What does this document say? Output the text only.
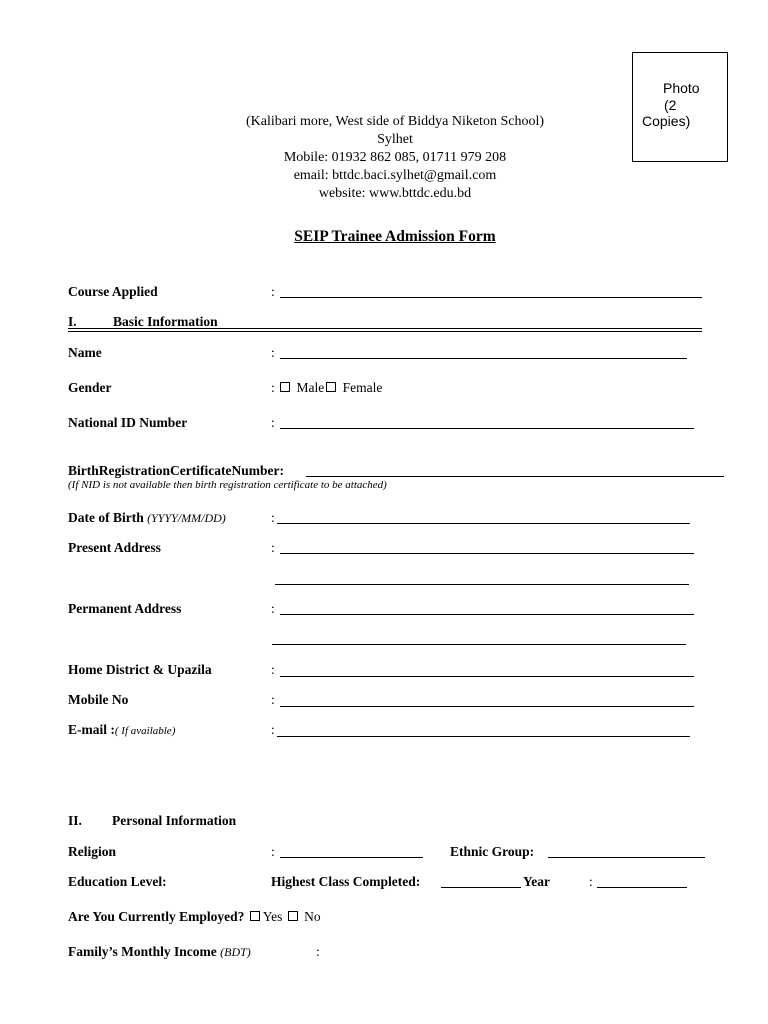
Photo
(2
Copies)
(Kalibari more, West side of Biddya Niketon School)
Sylhet
Mobile: 01932 862 085, 01711 979 208
email: bttdc.baci.sylhet@gmail.com
website: www.bttdc.edu.bd
SEIP Trainee Admission Form
Course Applied	:
I.	Basic Information
Name	:
Gender	: Male Female
National ID Number	:
BirthRegistrationCertificateNumber:
(If NID is not available then birth registration certificate to be attached)
Date of Birth (YYYY/MM/DD)	:
Present Address	:
Permanent Address	:
Home District & Upazila	:
Mobile No	:
E-mail :( If available)	:
II. Personal Information
Religion	:	Ethnic Group:
Education Level:	Highest Class Completed:	Year	:
Are You Currently Employed? Yes No
Family’s Monthly Income (BDT)	:
